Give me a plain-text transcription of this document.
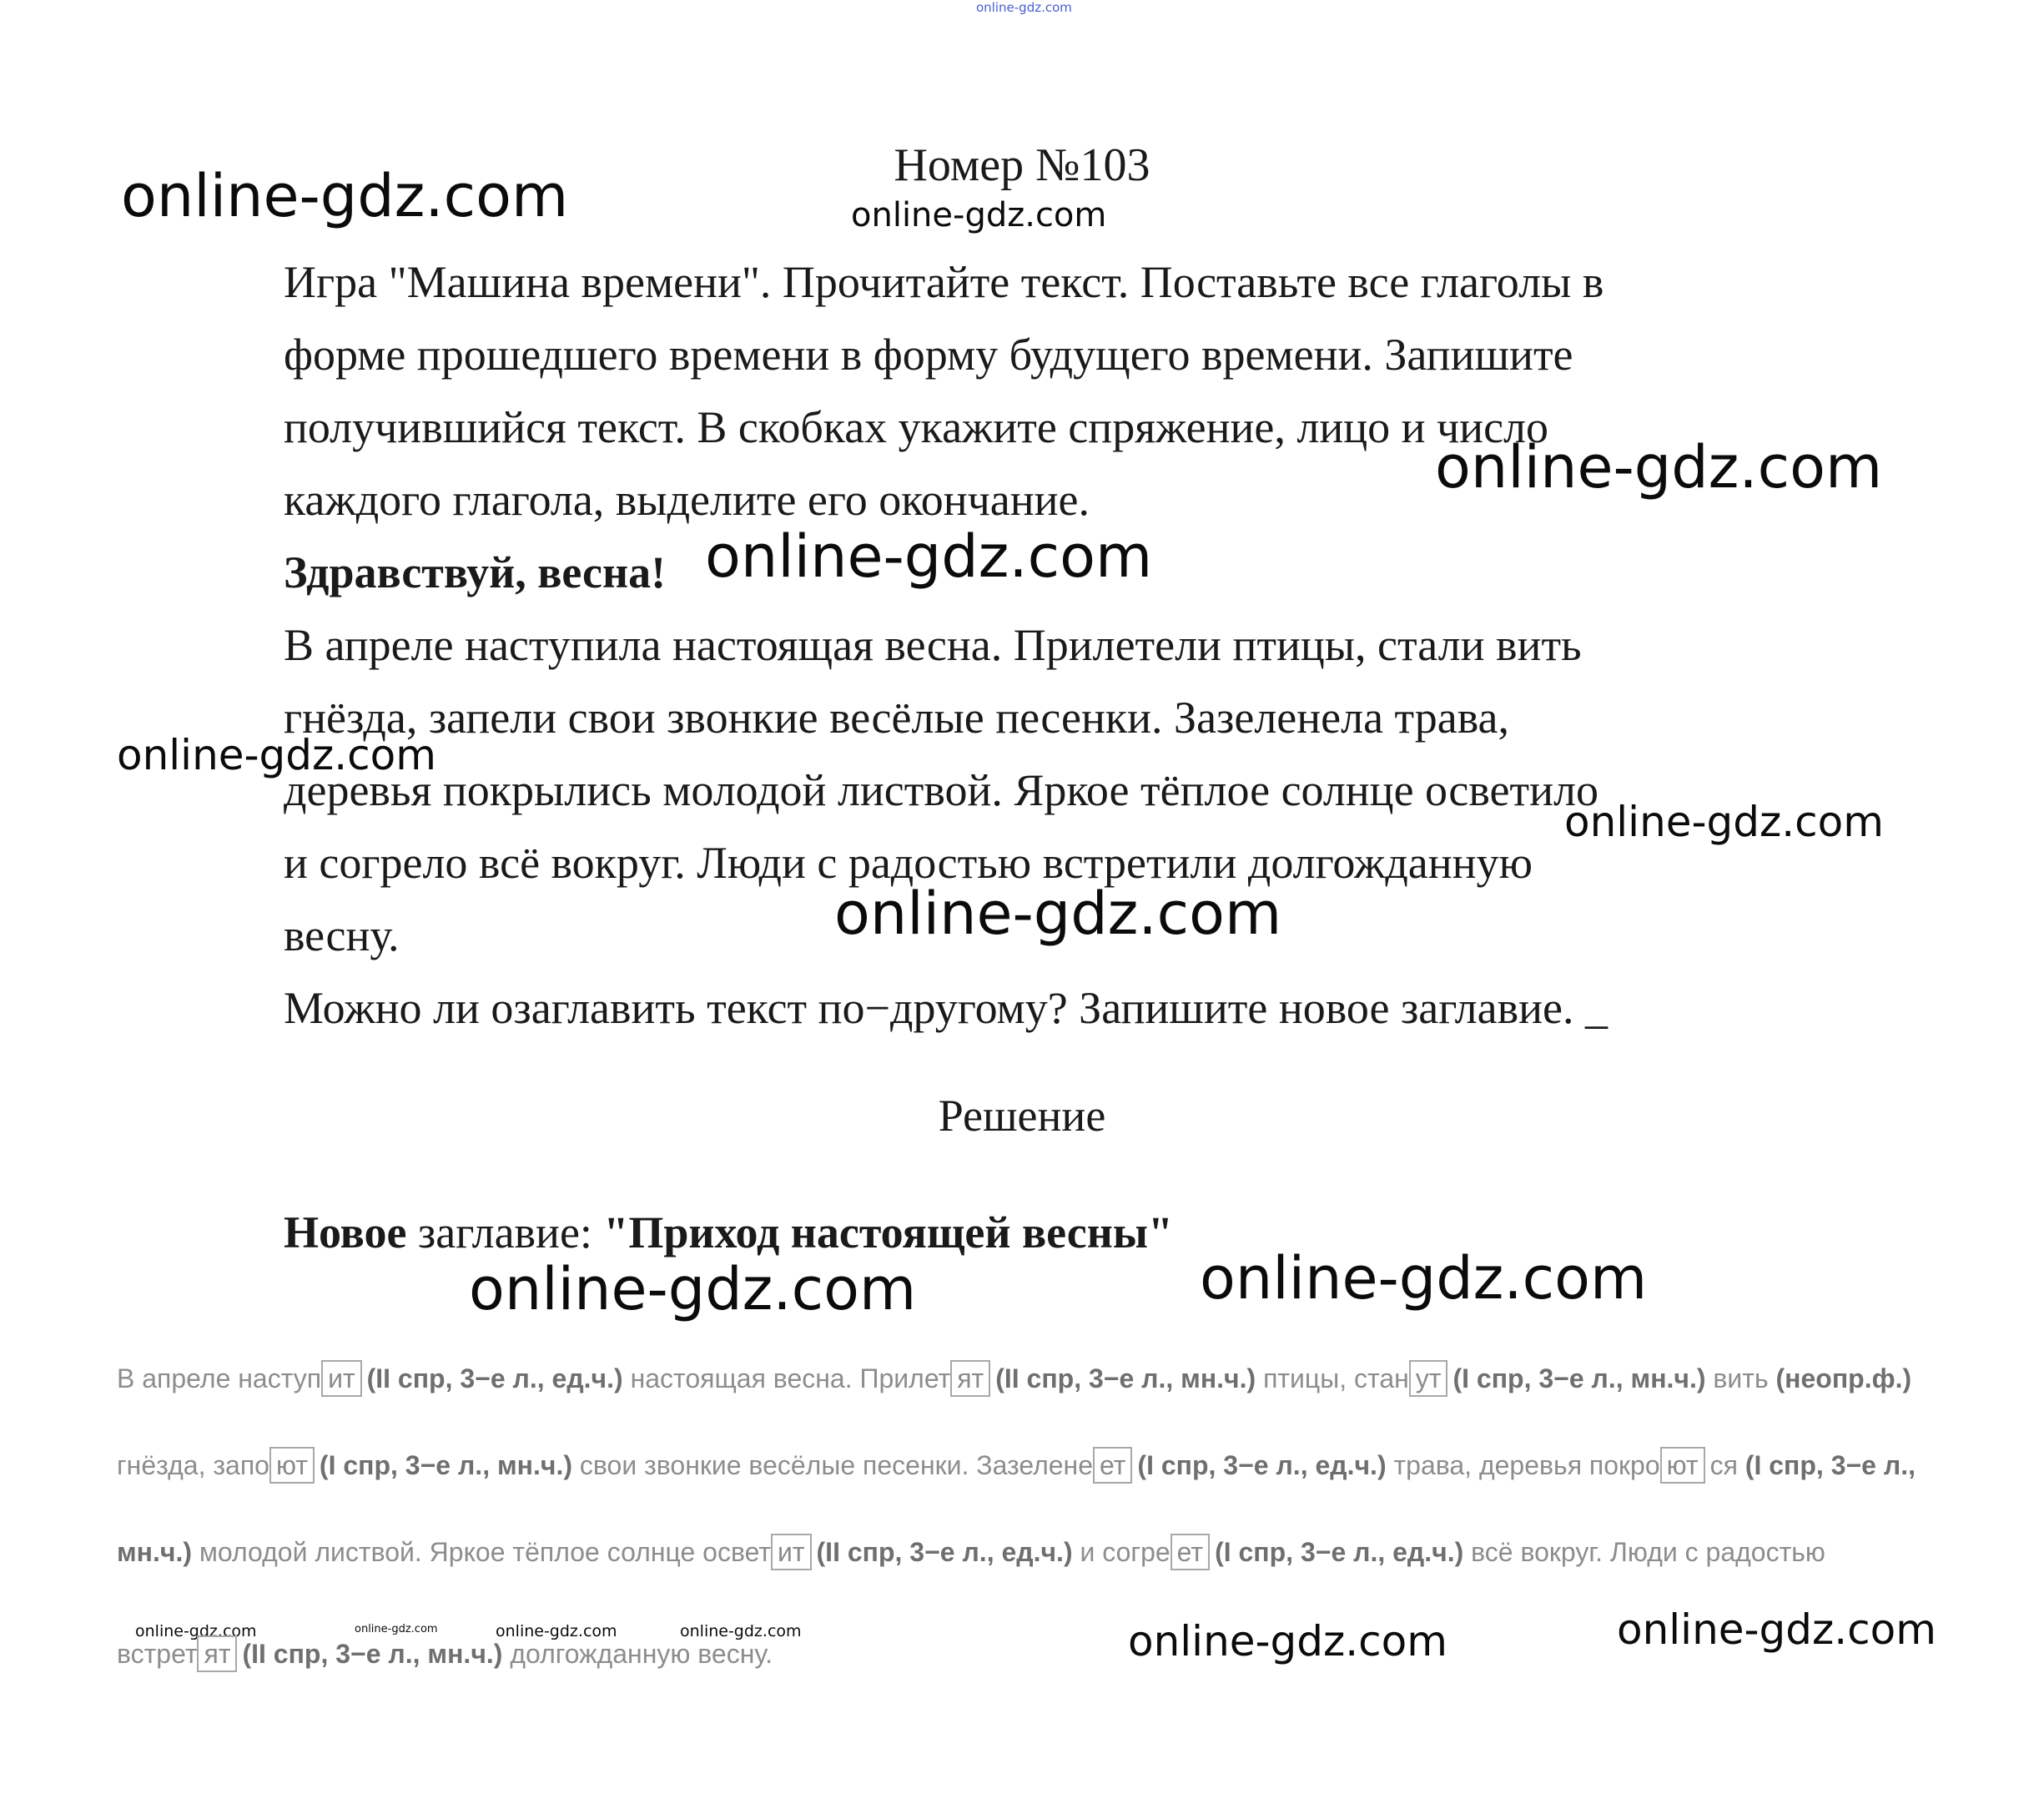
online-gdz.com
online-gdz.com	online-gdz.com
online-gdz.com
online-gdz.com
online-gdz.com
online-gdz.com
online-gdz.com
online-gdz.com
online-gdz.com
online-gdz.com	online-gdz.com	online-gdz.com	online-gdz.com	online-gdz.com	online-gdz.com
Номер №103

Игра "Машина времени". Прочитайте текст. Поставьте все глаголы в

форме прошедшего времени в форму будущего времени. Запишите

получившийся текст. В скобках укажите спряжение, лицо и число

каждого глагола, выделите его окончание.

Здравствуй, весна!

В апреле наступила настоящая весна. Прилетели птицы, стали вить

гнёзда, запели свои звонкие весёлые песенки. Зазеленела трава,

деревья покрылись молодой листвой. Яркое тёплое солнце осветило

и согрело всё вокруг. Люди с радостью встретили долгожданную

весну.

Можно ли озаглавить текст по−другому? Запишите новое заглавие. _

Решение
Новое заглавие: "Приход настоящей весны"
В апреле наступ ит (II спр, 3−е л., ед.ч.) настоящая весна. Прилет ят (II спр, 3−е л., мн.ч.) птицы, стан ут (I спр, 3−е л., мн.ч.) вить (неопр.ф.)
гнёзда, запо ют (I спр, 3−е л., мн.ч.) свои звонкие весёлые песенки. Зазелене ет (I спр, 3−е л., ед.ч.) трава, деревья покро ют ся (I спр, 3−е л.,
мн.ч.) молодой листвой. Яркое тёплое солнце освет ит (II спр, 3−е л., ед.ч.) и согре ет (I спр, 3−е л., ед.ч.) всё вокруг. Люди с радостью
встрет ят (II спр, 3−е л., мн.ч.) долгожданную весну.
